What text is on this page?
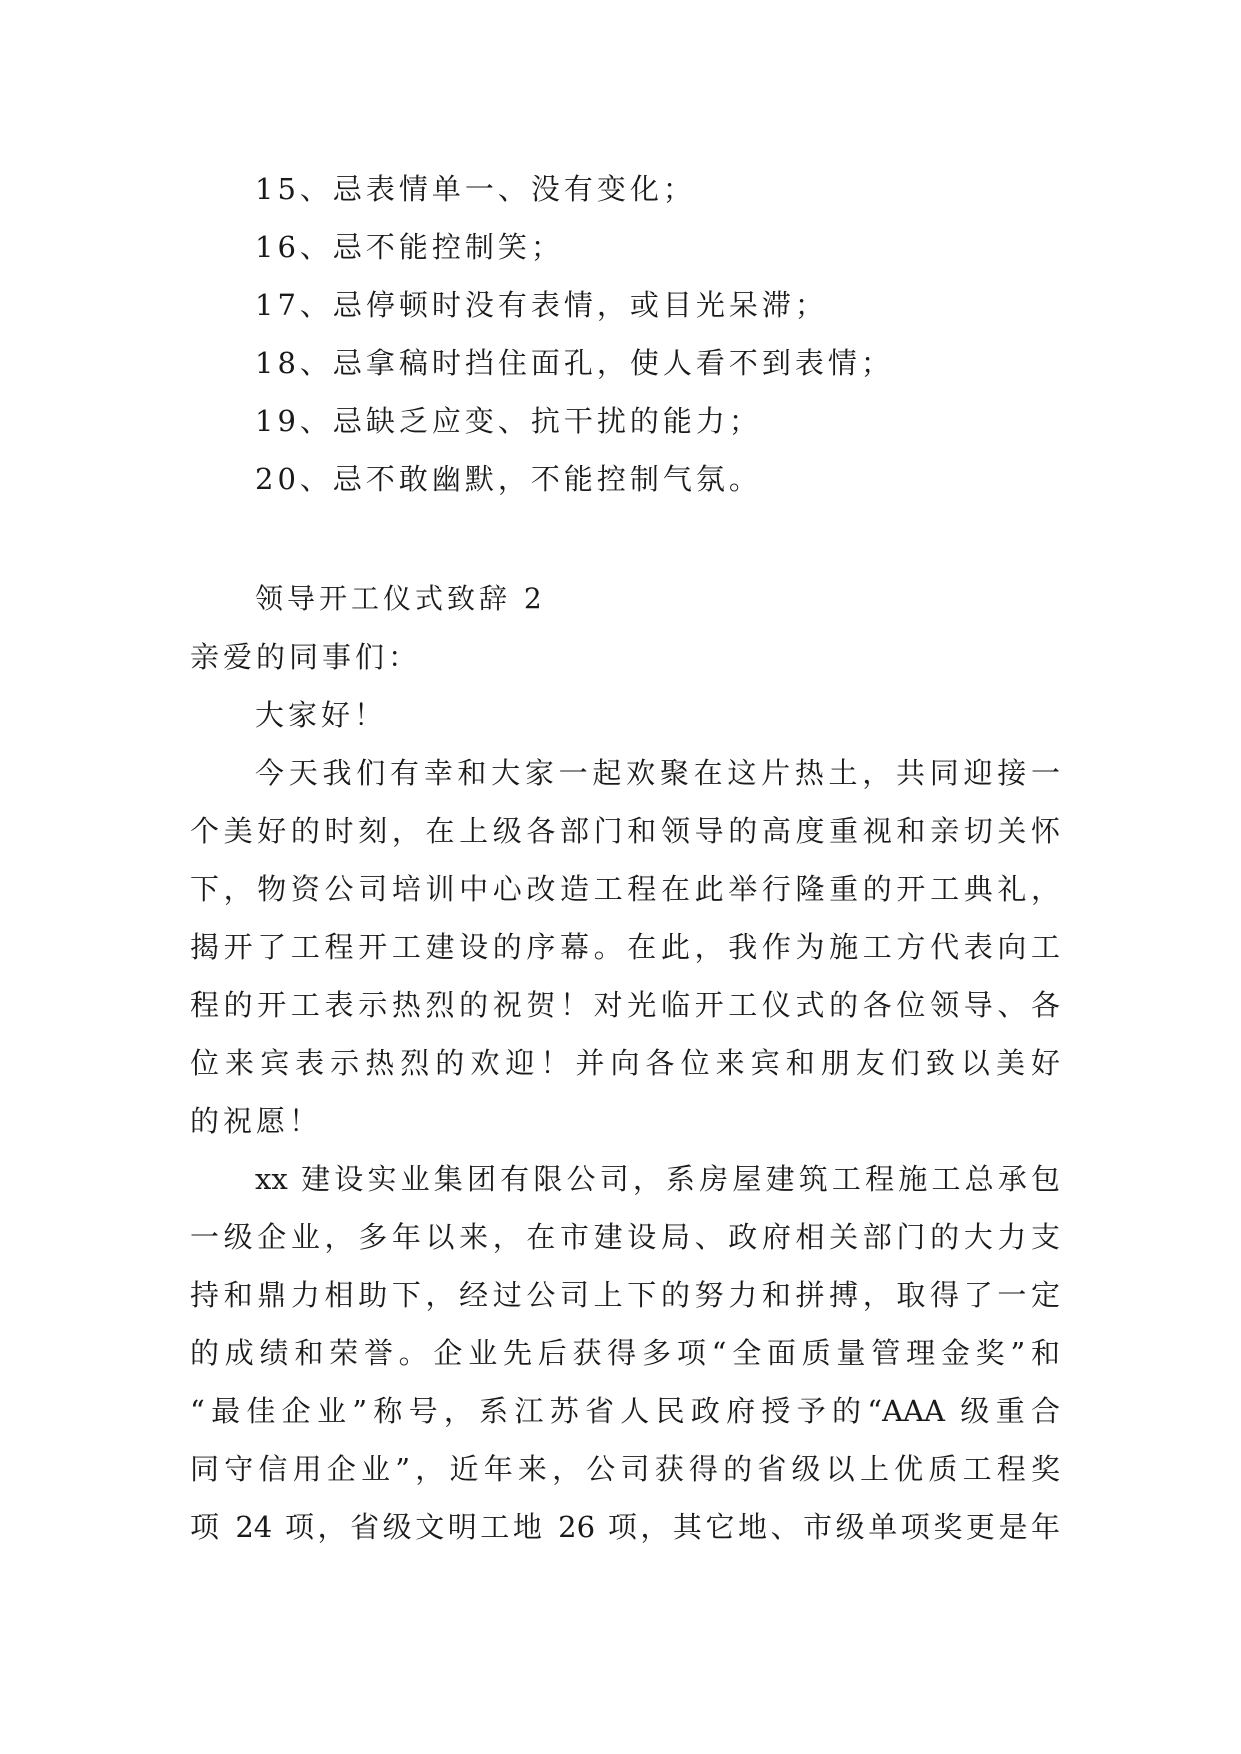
15、忌表情单一、没有变化；
16、忌不能控制笑；
17、忌停顿时没有表情，或目光呆滞；
18、忌拿稿时挡住面孔，使人看不到表情；
19、忌缺乏应变、抗干扰的能力；
20、忌不敢幽默，不能控制气氛。
领导开工仪式致辞 2
亲爱的同事们：
大家好！
今天我们有幸和大家一起欢聚在这片热土，共同迎接一
个美好的时刻，在上级各部门和领导的高度重视和亲切关怀
下，物资公司培训中心改造工程在此举行隆重的开工典礼，
揭开了工程开工建设的序幕。在此，我作为施工方代表向工
程的开工表示热烈的祝贺！对光临开工仪式的各位领导、各
位来宾表示热烈的欢迎！并向各位来宾和朋友们致以美好
的祝愿！
xx 建设实业集团有限公司，系房屋建筑工程施工总承包
一级企业，多年以来，在市建设局、政府相关部门的大力支
持和鼎力相助下，经过公司上下的努力和拼搏，取得了一定
的成绩和荣誉。企业先后获得多项“全面质量管理金奖”和
“最佳企业”称号，系江苏省人民政府授予的“AAA 级重合
同守信用企业”，近年来，公司获得的省级以上优质工程奖
项 24 项，省级文明工地 26 项，其它地、市级单项奖更是年
